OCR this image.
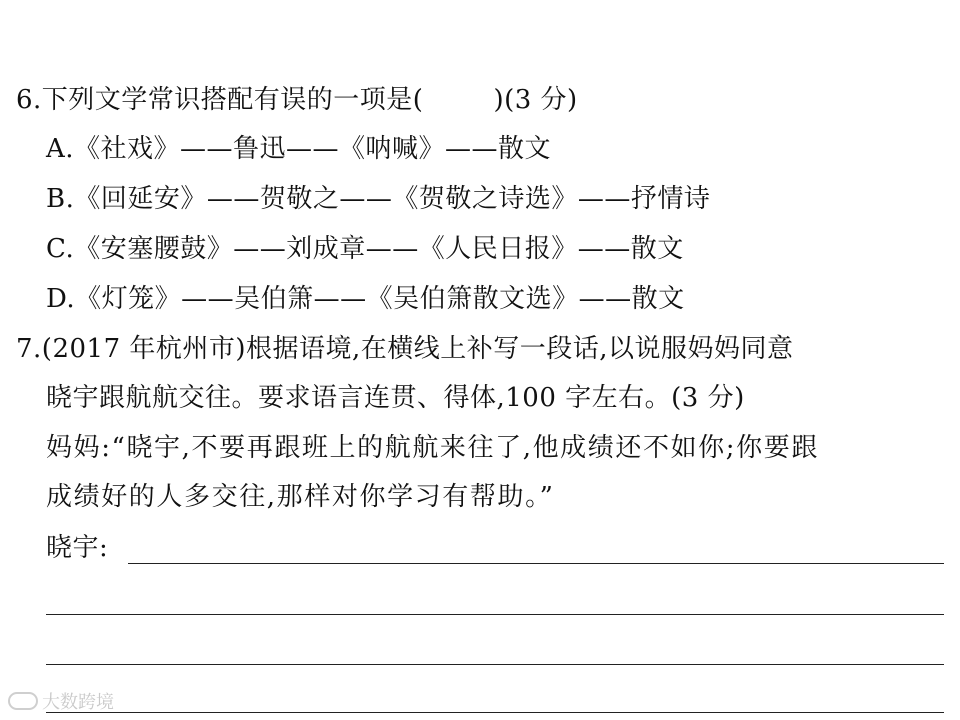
6.下列文学常识搭配有误的一项是(	)(3 分)
A.《社戏》——鲁迅——《呐喊》——散文
B.《回延安》——贺敬之——《贺敬之诗选》——抒情诗
C.《安塞腰鼓》——刘成章——《人民日报》——散文
D.《灯笼》——吴伯箫——《吴伯箫散文选》——散文
7.(2017 年杭州市)根据语境,在横线上补写一段话,以说服妈妈同意
晓宇跟航航交往。要求语言连贯、得体,100 字左右。(3 分)
妈妈:“晓宇,不要再跟班上的航航来往了,他成绩还不如你;你要跟
成绩好的人多交往,那样对你学习有帮助。”
晓宇:
大数跨境
